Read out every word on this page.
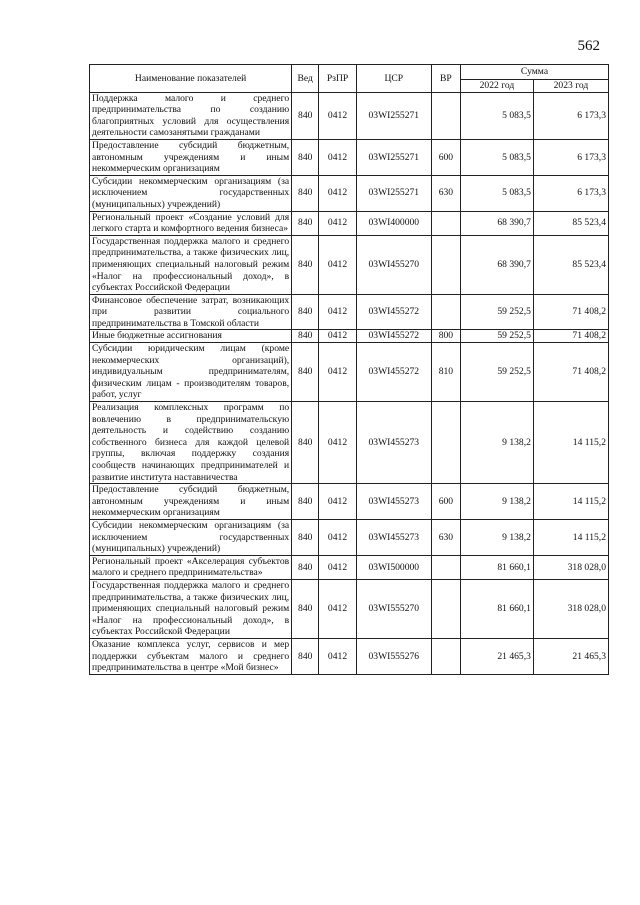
562
Наименование показателей	Вед	РзПР	ЦСР	ВР	Сумма	
					2022 год	2023 год
Поддержка малого и среднего предпринимательства по созданию благоприятных условий для осуществления деятельности самозанятыми гражданами	840	0412	03WI255271		5 083,5	6 173,3
Предоставление субсидий бюджетным, автономным учреждениям и иным некоммерческим организациям	840	0412	03WI255271	600	5 083,5	6 173,3
Субсидии некоммерческим организациям (за исключением государственных (муниципальных) учреждений)	840	0412	03WI255271	630	5 083,5	6 173,3
Региональный проект «Создание условий для легкого старта и комфортного ведения бизнеса»	840	0412	03WI400000		68 390,7	85 523,4
Государственная поддержка малого и среднего предпринимательства, а также физических лиц, применяющих специальный налоговый режим «Налог на профессиональный доход», в субъектах Российской Федерации	840	0412	03WI455270		68 390,7	85 523,4
Финансовое обеспечение затрат, возникающих при развитии социального предпринимательства в Томской области	840	0412	03WI455272		59 252,5	71 408,2
Иные бюджетные ассигнования	840	0412	03WI455272	800	59 252,5	71 408,2
Субсидии юридическим лицам (кроме некоммерческих организаций), индивидуальным предпринимателям, физическим лицам - производителям товаров, работ, услуг	840	0412	03WI455272	810	59 252,5	71 408,2
Реализация комплексных программ по вовлечению в предпринимательскую деятельность и содействию созданию собственного бизнеса для каждой целевой группы, включая поддержку создания сообществ начинающих предпринимателей и развитие института наставничества	840	0412	03WI455273		9 138,2	14 115,2
Предоставление субсидий бюджетным, автономным учреждениям и иным некоммерческим организациям	840	0412	03WI455273	600	9 138,2	14 115,2
Субсидии некоммерческим организациям (за исключением государственных (муниципальных) учреждений)	840	0412	03WI455273	630	9 138,2	14 115,2
Региональный проект «Акселерация субъектов малого и среднего предпринимательства»	840	0412	03WI500000		81 660,1	318 028,0
Государственная поддержка малого и среднего предпринимательства, а также физических лиц, применяющих специальный налоговый режим «Налог на профессиональный доход», в субъектах Российской Федерации	840	0412	03WI555270		81 660,1	318 028,0
Оказание комплекса услуг, сервисов и мер поддержки субъектам малого и среднего предпринимательства в центре «Мой бизнес»	840	0412	03WI555276		21 465,3	21 465,3
